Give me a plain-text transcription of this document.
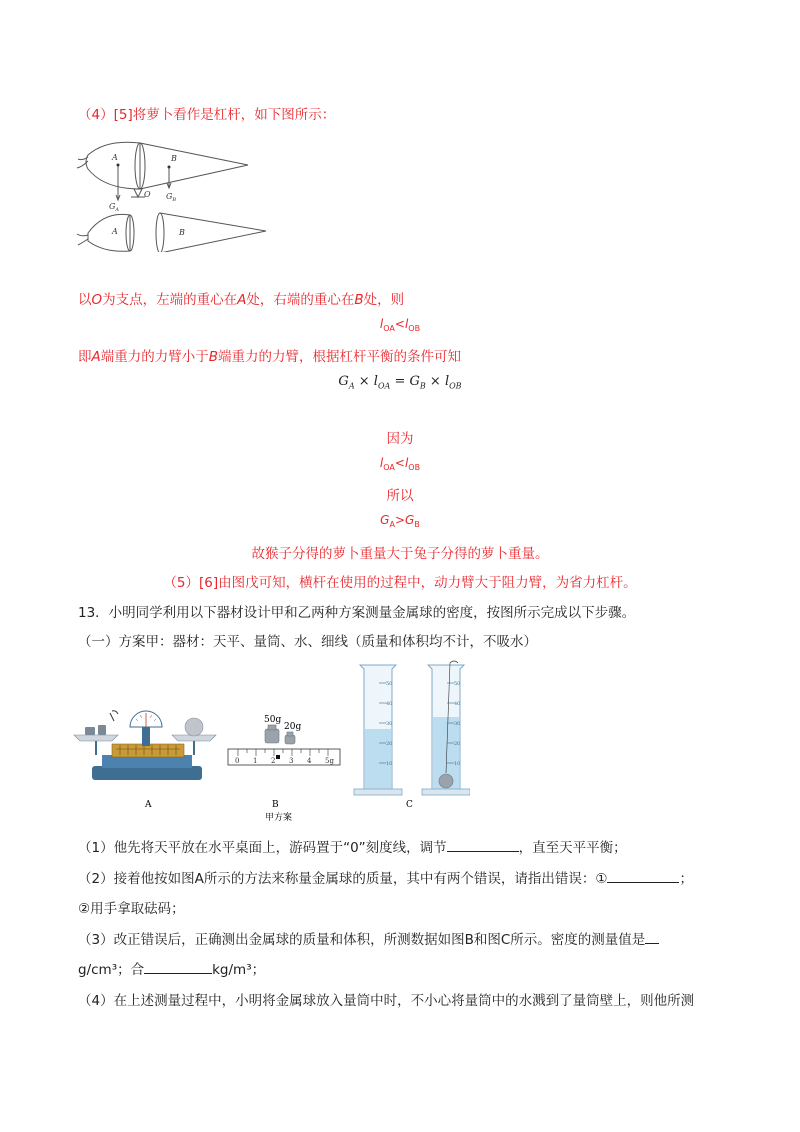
（4）[5]将萝卜看作是杠杆，如下图所示：
A	B
O
$G_A$
$G_B$
A	B
以O为支点，左端的重心在A处，右端的重心在B处，则
$l_{OA}<l_{OB}$
即A端重力的力臂小于B端重力的力臂，根据杠杆平衡的条件可知
$G_A \times l_{OA} = G_B \times l_{OB}$
因为
$l_{OA}<l_{OB}$
所以
$G_A>G_B$
故猴子分得的萝卜重量大于兔子分得的萝卜重量。
（5）[6]由图戊可知，横杆在使用的过程中，动力臂大于阻力臂，为省力杠杆。
13．小明同学利用以下器材设计甲和乙两种方案测量金属球的密度，按图所示完成以下步骤。
（一）方案甲：器材：天平、量筒、水、细线（质量和体积均不计，不吸水）
50g
20g
0 1 2 3 4 5g
50
40
30
20
10
50
40
30
20
10
A	B	C
甲方案
（1）他先将天平放在水平桌面上，游码置于“0”刻度线，调节	，直至天平平衡；
（2）接着他按如图A所示的方法来称量金属球的质量，其中有两个错误，请指出错误：①	；
②用手拿取砝码；
（3）改正错误后，正确测出金属球的质量和体积，所测数据如图B和图C所示。密度的测量值是
g/cm³；合	kg/m³；
（4）在上述测量过程中，小明将金属球放入量筒中时，不小心将量筒中的水溅到了量筒壁上，则他所测
